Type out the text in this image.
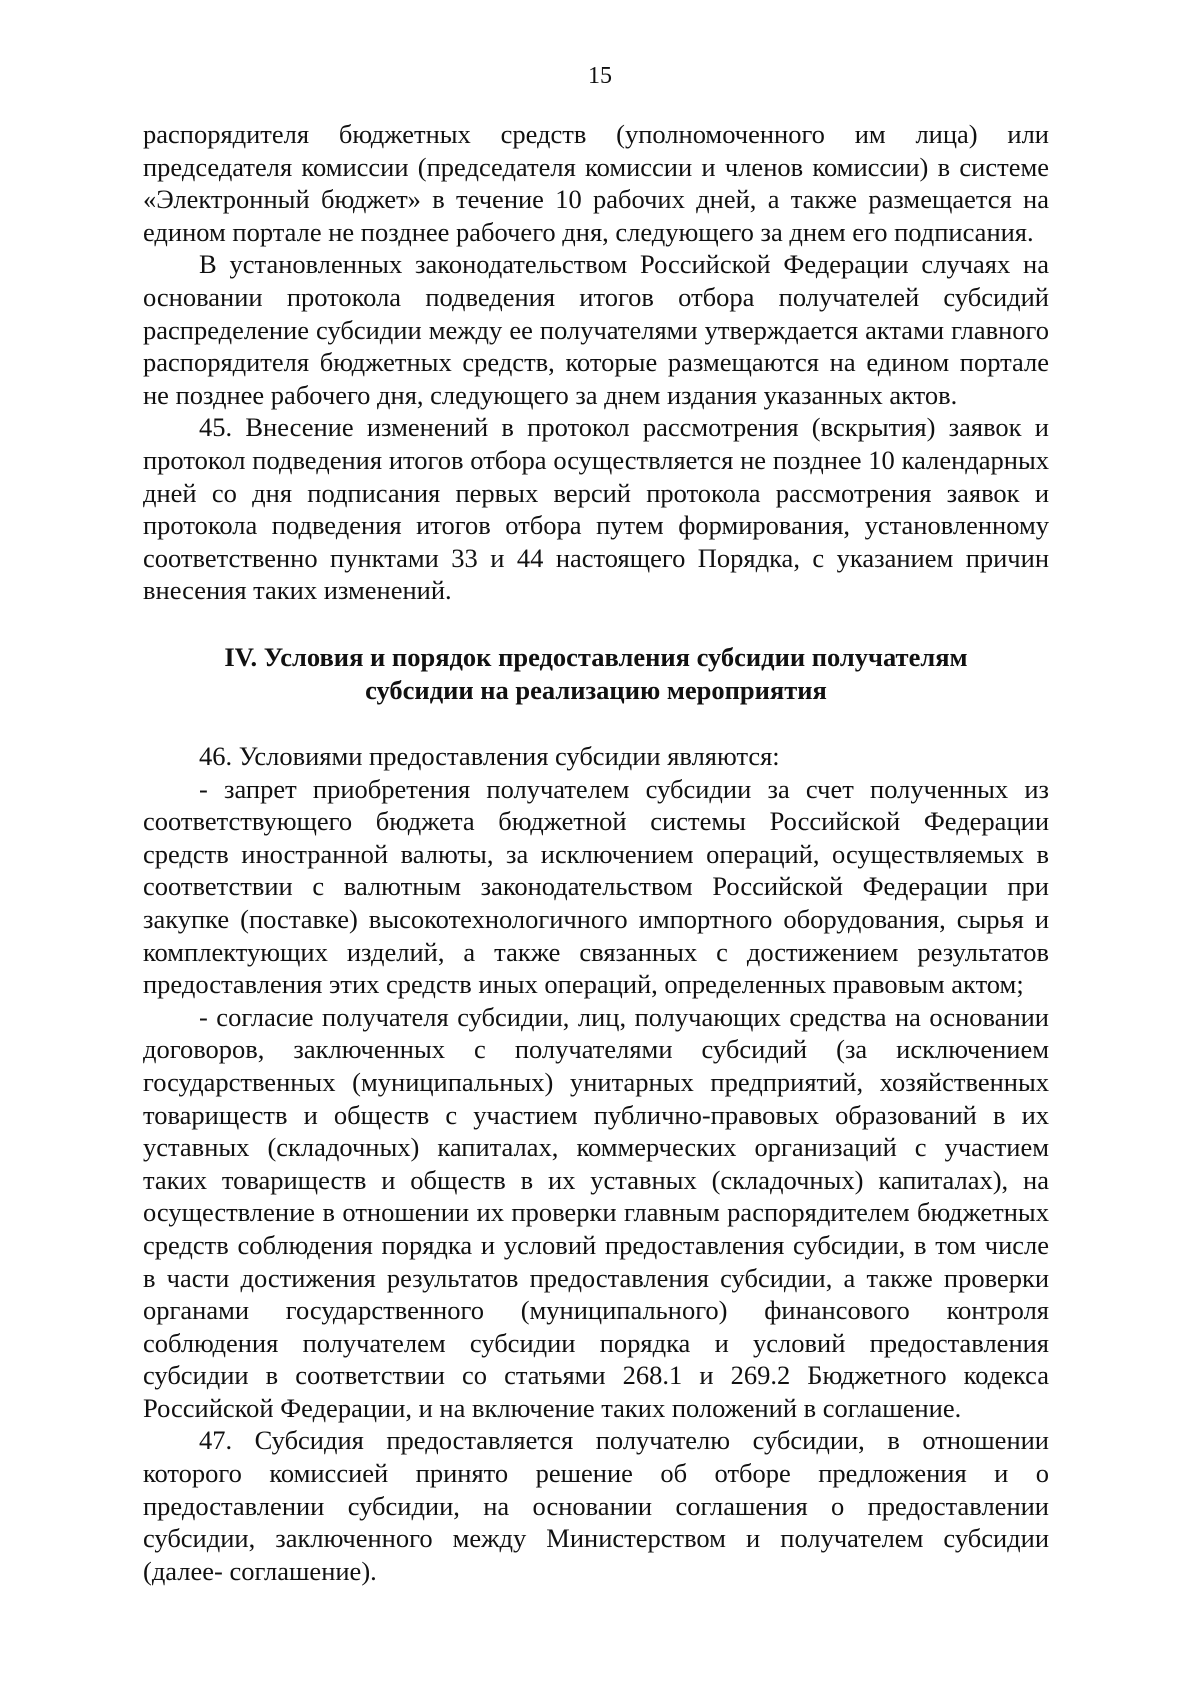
15

распорядителя бюджетных средств (уполномоченного им лица) или председателя комиссии (председателя комиссии и членов комиссии) в системе «Электронный бюджет» в течение 10 рабочих дней, а также размещается на едином портале не позднее рабочего дня, следующего за днем его подписания.

В установленных законодательством Российской Федерации случаях на основании протокола подведения итогов отбора получателей субсидий распределение субсидии между ее получателями утверждается актами главного распорядителя бюджетных средств, которые размещаются на едином портале не позднее рабочего дня, следующего за днем издания указанных актов.

45. Внесение изменений в протокол рассмотрения (вскрытия) заявок и протокол подведения итогов отбора осуществляется не позднее 10 календарных дней со дня подписания первых версий протокола рассмотрения заявок и протокола подведения итогов отбора путем формирования, установленному соответственно пунктами 33 и 44 настоящего Порядка, с указанием причин внесения таких изменений.

IV. Условия и порядок предоставления субсидии получателям
субсидии на реализацию мероприятия

46. Условиями предоставления субсидии являются:

- запрет приобретения получателем субсидии за счет полученных из соответствующего бюджета бюджетной системы Российской Федерации средств иностранной валюты, за исключением операций, осуществляемых в соответствии с валютным законодательством Российской Федерации при закупке (поставке) высокотехнологичного импортного оборудования, сырья и комплектующих изделий, а также связанных с достижением результатов предоставления этих средств иных операций, определенных правовым актом;

- согласие получателя субсидии, лиц, получающих средства на основании договоров, заключенных с получателями субсидий (за исключением государственных (муниципальных) унитарных предприятий, хозяйственных товариществ и обществ с участием публично-правовых образований в их уставных (складочных) капиталах, коммерческих организаций с участием таких товариществ и обществ в их уставных (складочных) капиталах), на осуществление в отношении их проверки главным распорядителем бюджетных средств соблюдения порядка и условий предоставления субсидии, в том числе в части достижения результатов предоставления субсидии, а также проверки органами государственного (муниципального) финансового контроля соблюдения получателем субсидии порядка и условий предоставления субсидии в соответствии со статьями 268.1 и 269.2 Бюджетного кодекса Российской Федерации, и на включение таких положений в соглашение.

47. Субсидия предоставляется получателю субсидии, в отношении которого комиссией принято решение об отборе предложения и о предоставлении субсидии, на основании соглашения о предоставлении субсидии, заключенного между Министерством и получателем субсидии (далее- соглашение).
